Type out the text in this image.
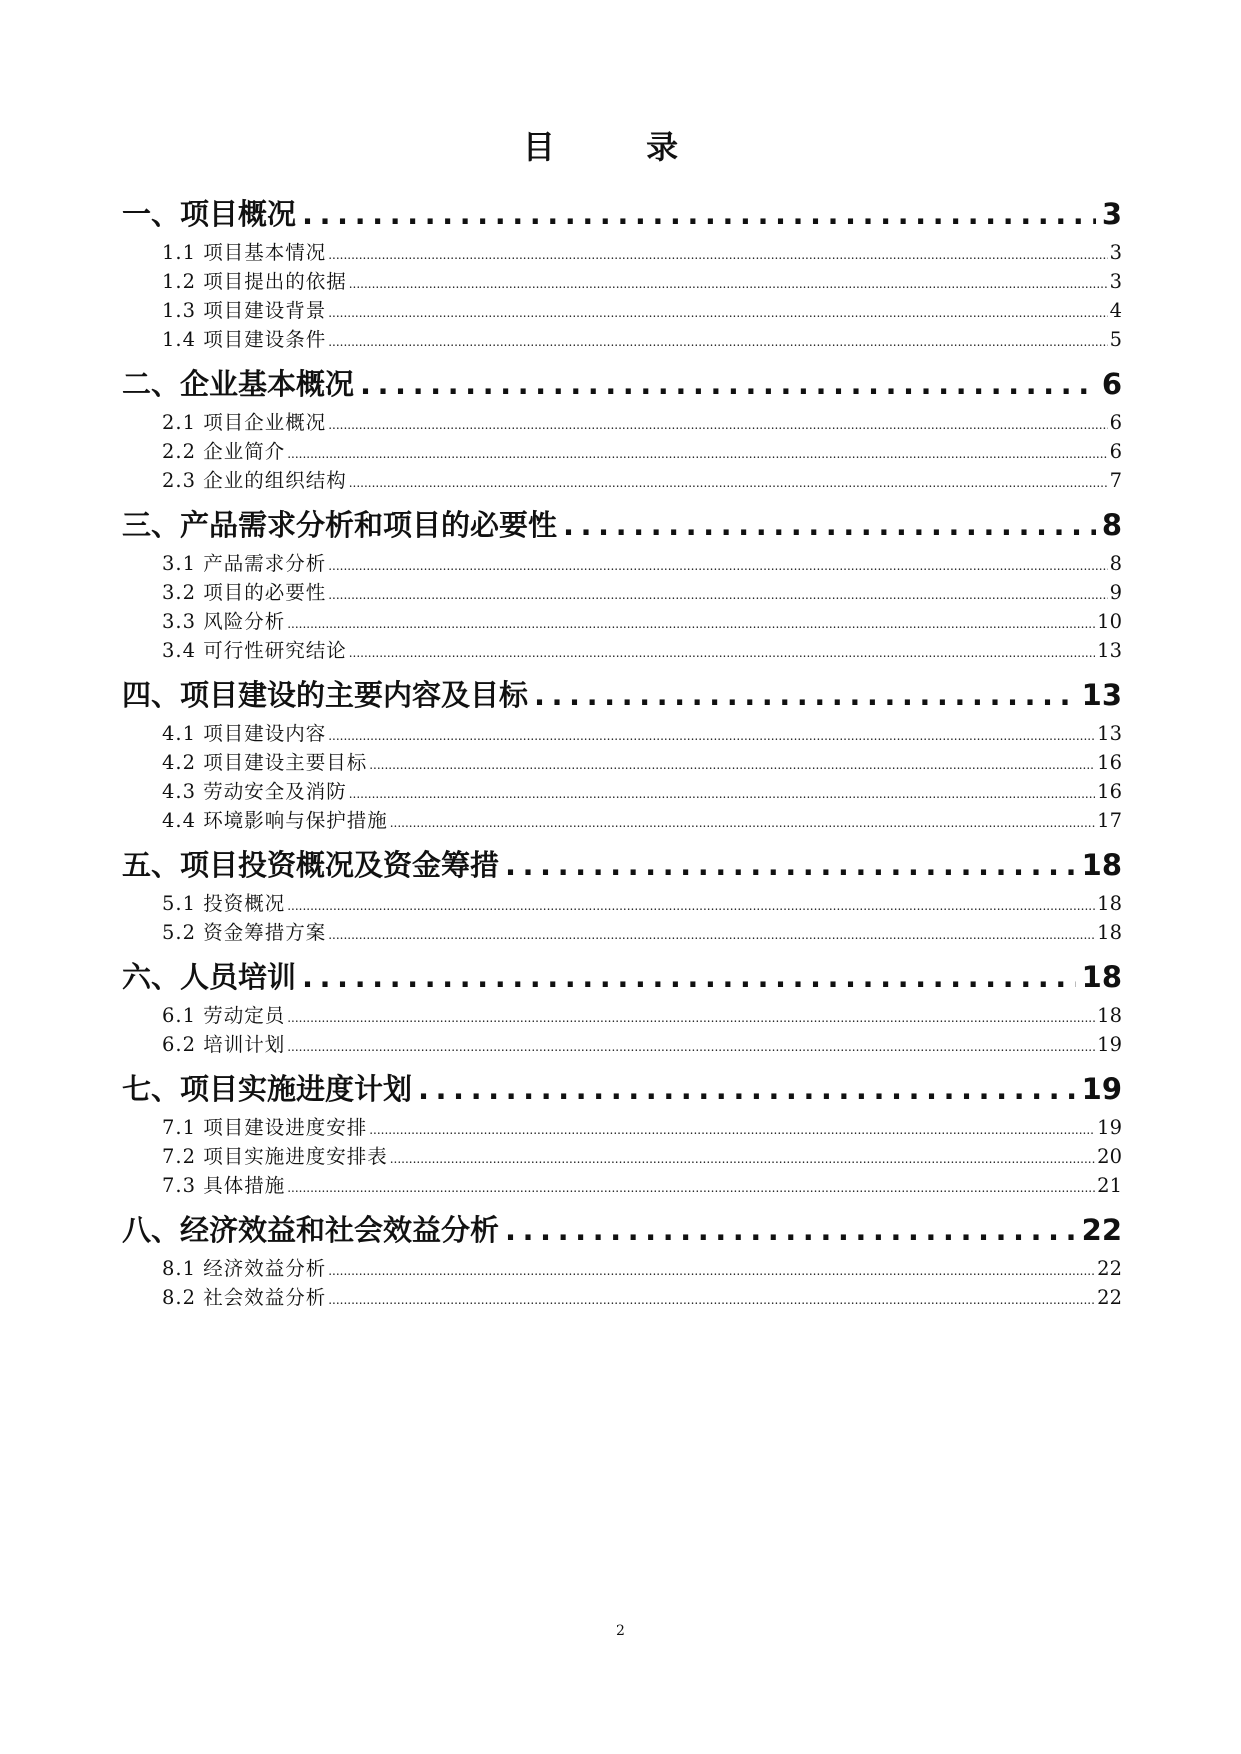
目 录
一、项目概况 .....	3
1.1 项目基本情况 .....	3
1.2 项目提出的依据 .....	3
1.3 项目建设背景 .....	4
1.4 项目建设条件 .....	5
二、企业基本概况 .....	6
2.1 项目企业概况 .....	6
2.2 企业简介 .....	6
2.3 企业的组织结构 .....	7
三、产品需求分析和项目的必要性 .....	8
3.1 产品需求分析 .....	8
3.2 项目的必要性 .....	9
3.3 风险分析 .....	10
3.4 可行性研究结论 .....	13
四、项目建设的主要内容及目标 .....	13
4.1 项目建设内容 .....	13
4.2 项目建设主要目标 .....	16
4.3 劳动安全及消防 .....	16
4.4 环境影响与保护措施 .....	17
五、项目投资概况及资金筹措 .....	18
5.1 投资概况 .....	18
5.2 资金筹措方案 .....	18
六、人员培训 .....	18
6.1 劳动定员 .....	18
6.2 培训计划 .....	19
七、项目实施进度计划 .....	19
7.1 项目建设进度安排 .....	19
7.2 项目实施进度安排表 .....	20
7.3 具体措施 .....	21
八、经济效益和社会效益分析 .....	22
8.1 经济效益分析 .....	22
8.2 社会效益分析 .....	22
2
